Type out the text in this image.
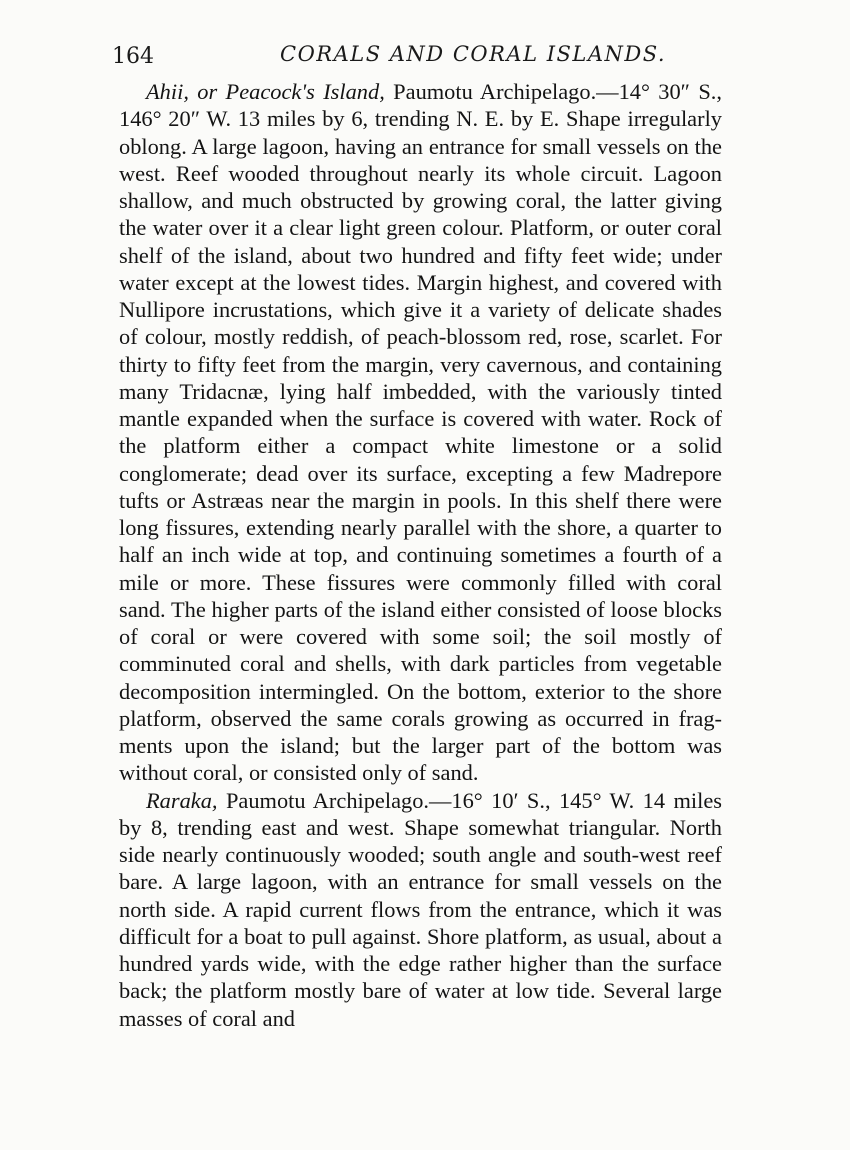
164	CORALS AND CORAL ISLANDS.

Ahii, or Peacock's Island, Paumotu Archipelago.—14° 30″ S., 146° 20″ W. 13 miles by 6, trending N. E. by E. Shape irregularly oblong. A large lagoon, having an entrance for small vessels on the west. Reef wooded throughout nearly its whole circuit. Lagoon shallow, and much obstructed by growing coral, the latter giving the water over it a clear light green colour. Platform, or outer coral shelf of the island, about two hundred and fifty feet wide; under water except at the lowest tides. Margin highest, and covered with Nullipore incrustations, which give it a variety of delicate shades of colour, mostly reddish, of peach-blossom red, rose, scarlet. For thirty to fifty feet from the margin, very cavernous, and containing many Tridacnæ, lying half imbedded, with the variously tinted mantle expanded when the surface is covered with water. Rock of the platform either a compact white limestone or a solid conglomerate; dead over its surface, excepting a few Madrepore tufts or Astræas near the margin in pools. In this shelf there were long fissures, extending nearly parallel with the shore, a quarter to half an inch wide at top, and continuing sometimes a fourth of a mile or more. These fissures were commonly filled with coral sand. The higher parts of the island either consisted of loose blocks of coral or were covered with some soil; the soil mostly of comminuted coral and shells, with dark particles from vegetable decomposition intermingled. On the bottom, exterior to the shore platform, observed the same corals growing as occurred in fragments upon the island; but the larger part of the bottom was without coral, or consisted only of sand.

Raraka, Paumotu Archipelago.—16° 10′ S., 145° W. 14 miles by 8, trending east and west. Shape somewhat triangular. North side nearly continuously wooded; south angle and south-west reef bare. A large lagoon, with an entrance for small vessels on the north side. A rapid current flows from the entrance, which it was difficult for a boat to pull against. Shore platform, as usual, about a hundred yards wide, with the edge rather higher than the surface back; the platform mostly bare of water at low tide. Several large masses of coral and
